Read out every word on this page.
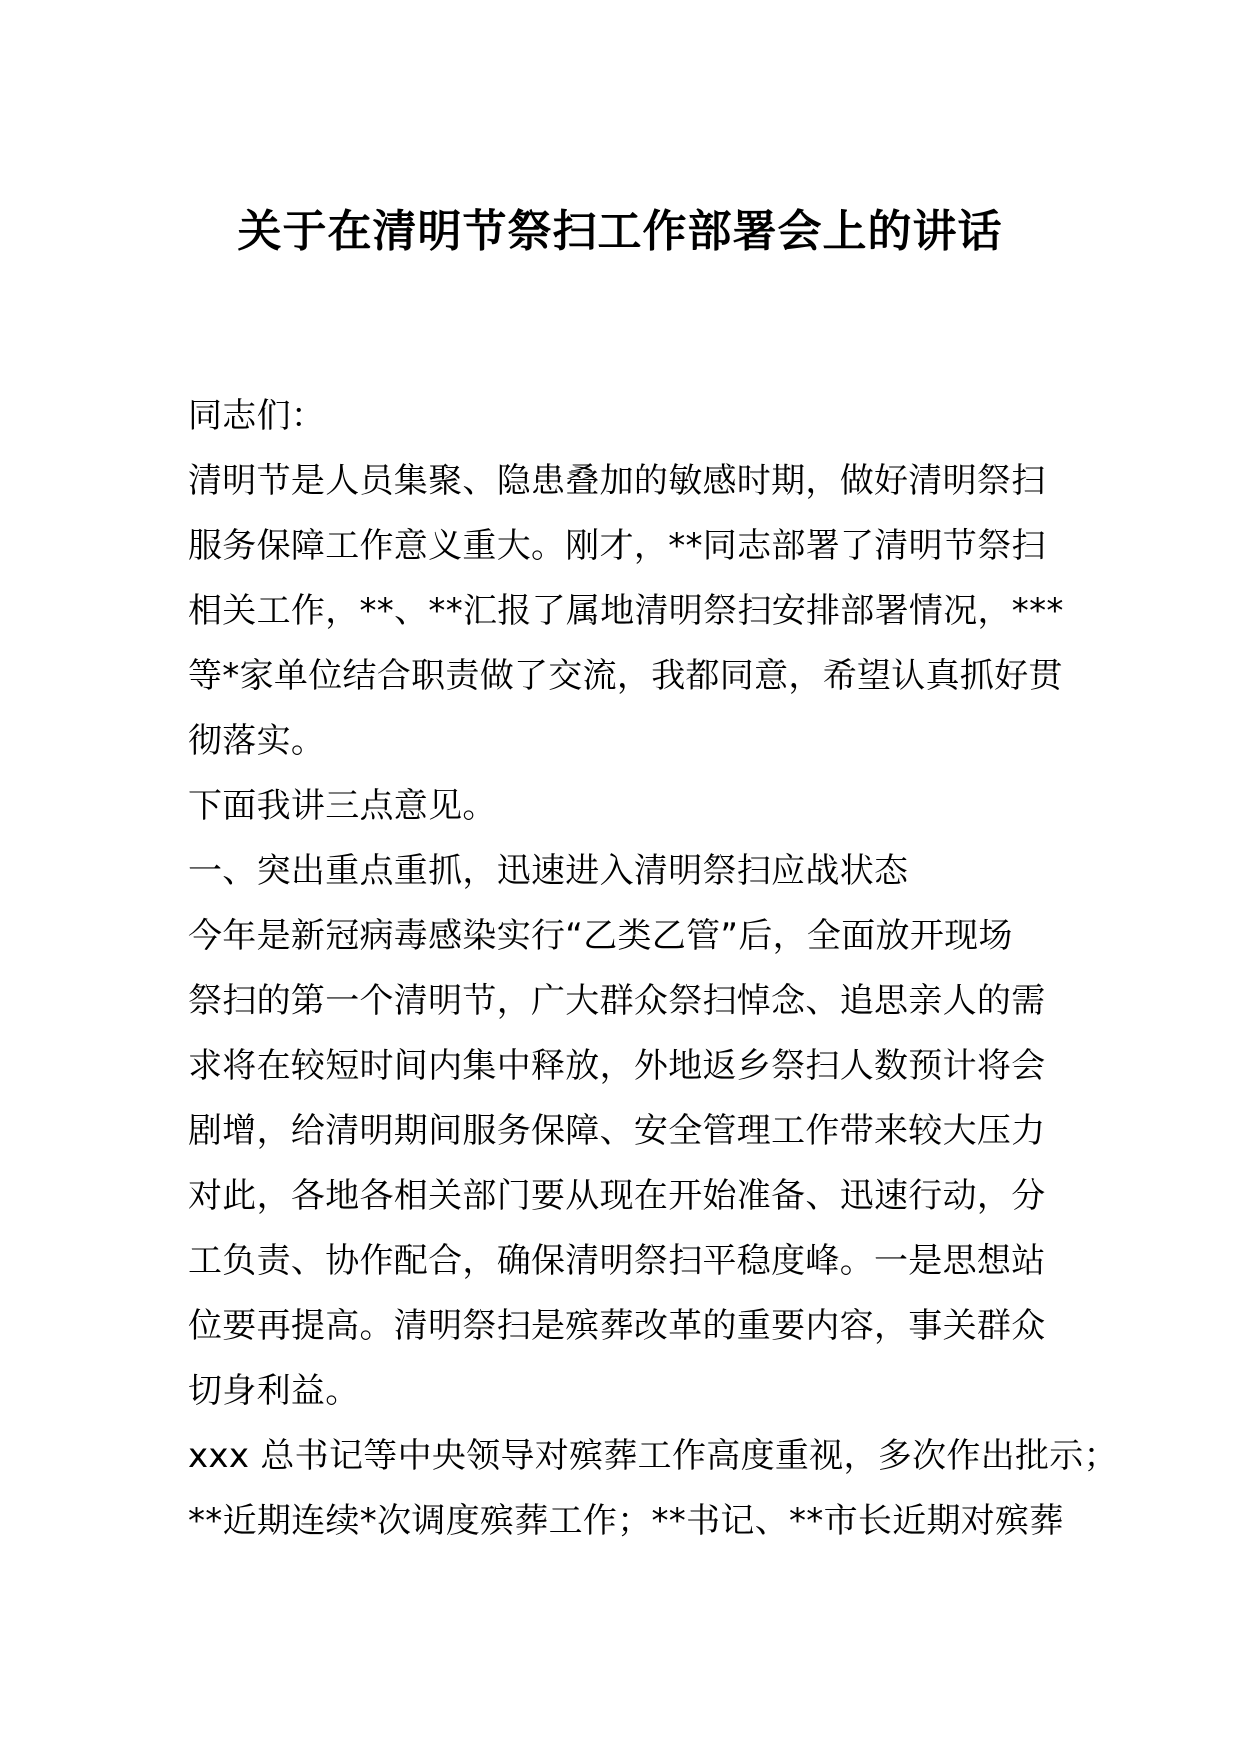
关于在清明节祭扫工作部署会上的讲话
同志们：
清明节是人员集聚、隐患叠加的敏感时期，做好清明祭扫
服务保障工作意义重大。刚才，**同志部署了清明节祭扫
相关工作，**、**汇报了属地清明祭扫安排部署情况，***
等*家单位结合职责做了交流，我都同意，希望认真抓好贯
彻落实。
下面我讲三点意见。
一、突出重点重抓，迅速进入清明祭扫应战状态
今年是新冠病毒感染实行“乙类乙管”后，全面放开现场
祭扫的第一个清明节，广大群众祭扫悼念、追思亲人的需
求将在较短时间内集中释放，外地返乡祭扫人数预计将会
剧增，给清明期间服务保障、安全管理工作带来较大压力
对此，各地各相关部门要从现在开始准备、迅速行动，分
工负责、协作配合，确保清明祭扫平稳度峰。一是思想站
位要再提高。清明祭扫是殡葬改革的重要内容，事关群众
切身利益。
xxx 总书记等中央领导对殡葬工作高度重视，多次作出批示；
**近期连续*次调度殡葬工作；**书记、**市长近期对殡葬
